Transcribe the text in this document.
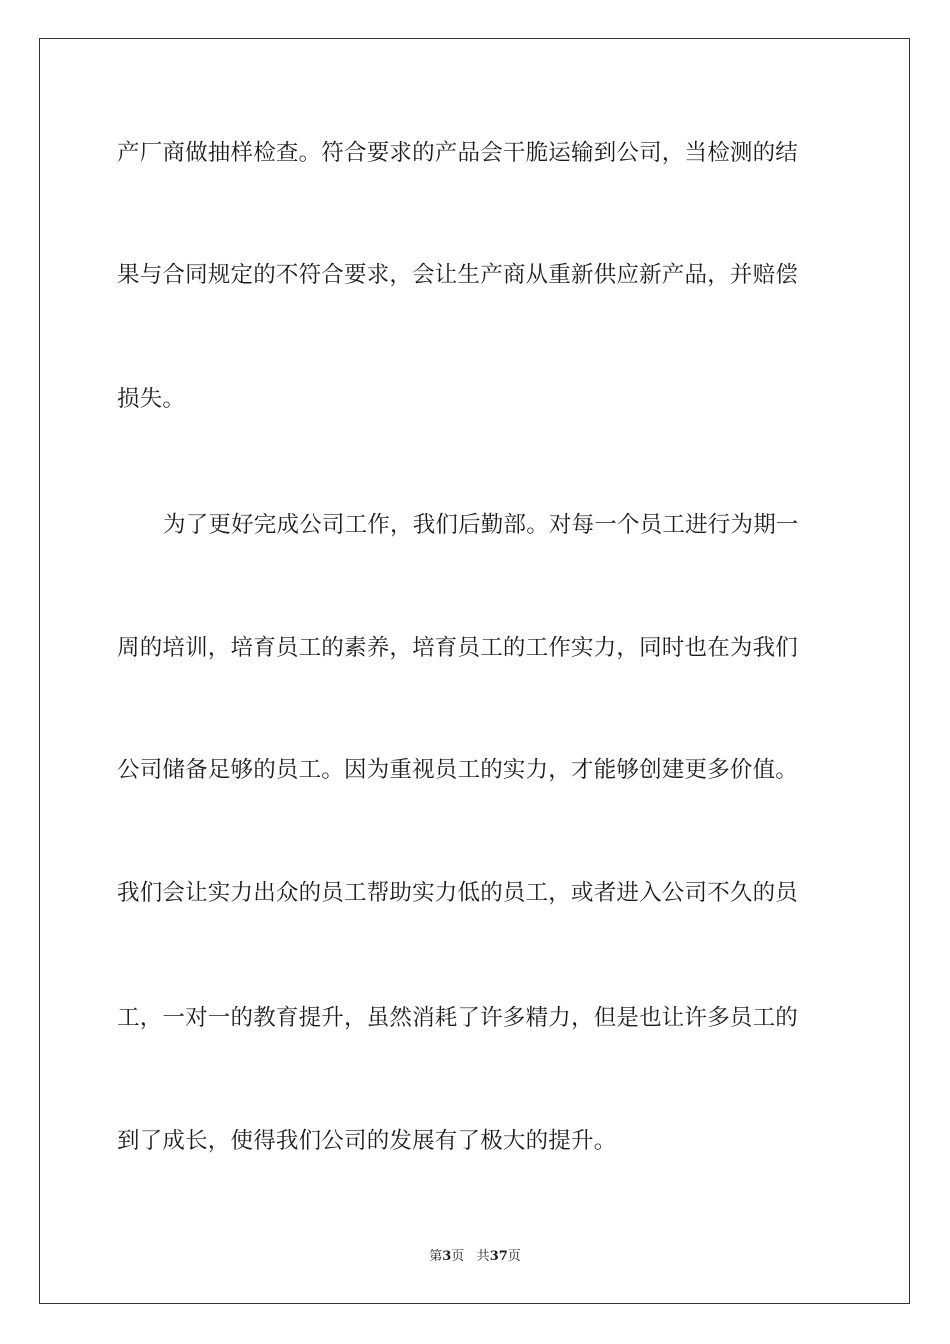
产厂商做抽样检查。符合要求的产品会干脆运输到公司，当检测的结
果与合同规定的不符合要求，会让生产商从重新供应新产品，并赔偿
损失。
为了更好完成公司工作，我们后勤部。对每一个员工进行为期一
周的培训，培育员工的素养，培育员工的工作实力，同时也在为我们
公司储备足够的员工。因为重视员工的实力，才能够创建更多价值。
我们会让实力出众的员工帮助实力低的员工，或者进入公司不久的员
工，一对一的教育提升，虽然消耗了许多精力，但是也让许多员工的
到了成长，使得我们公司的发展有了极大的提升。
第3页 共37页
